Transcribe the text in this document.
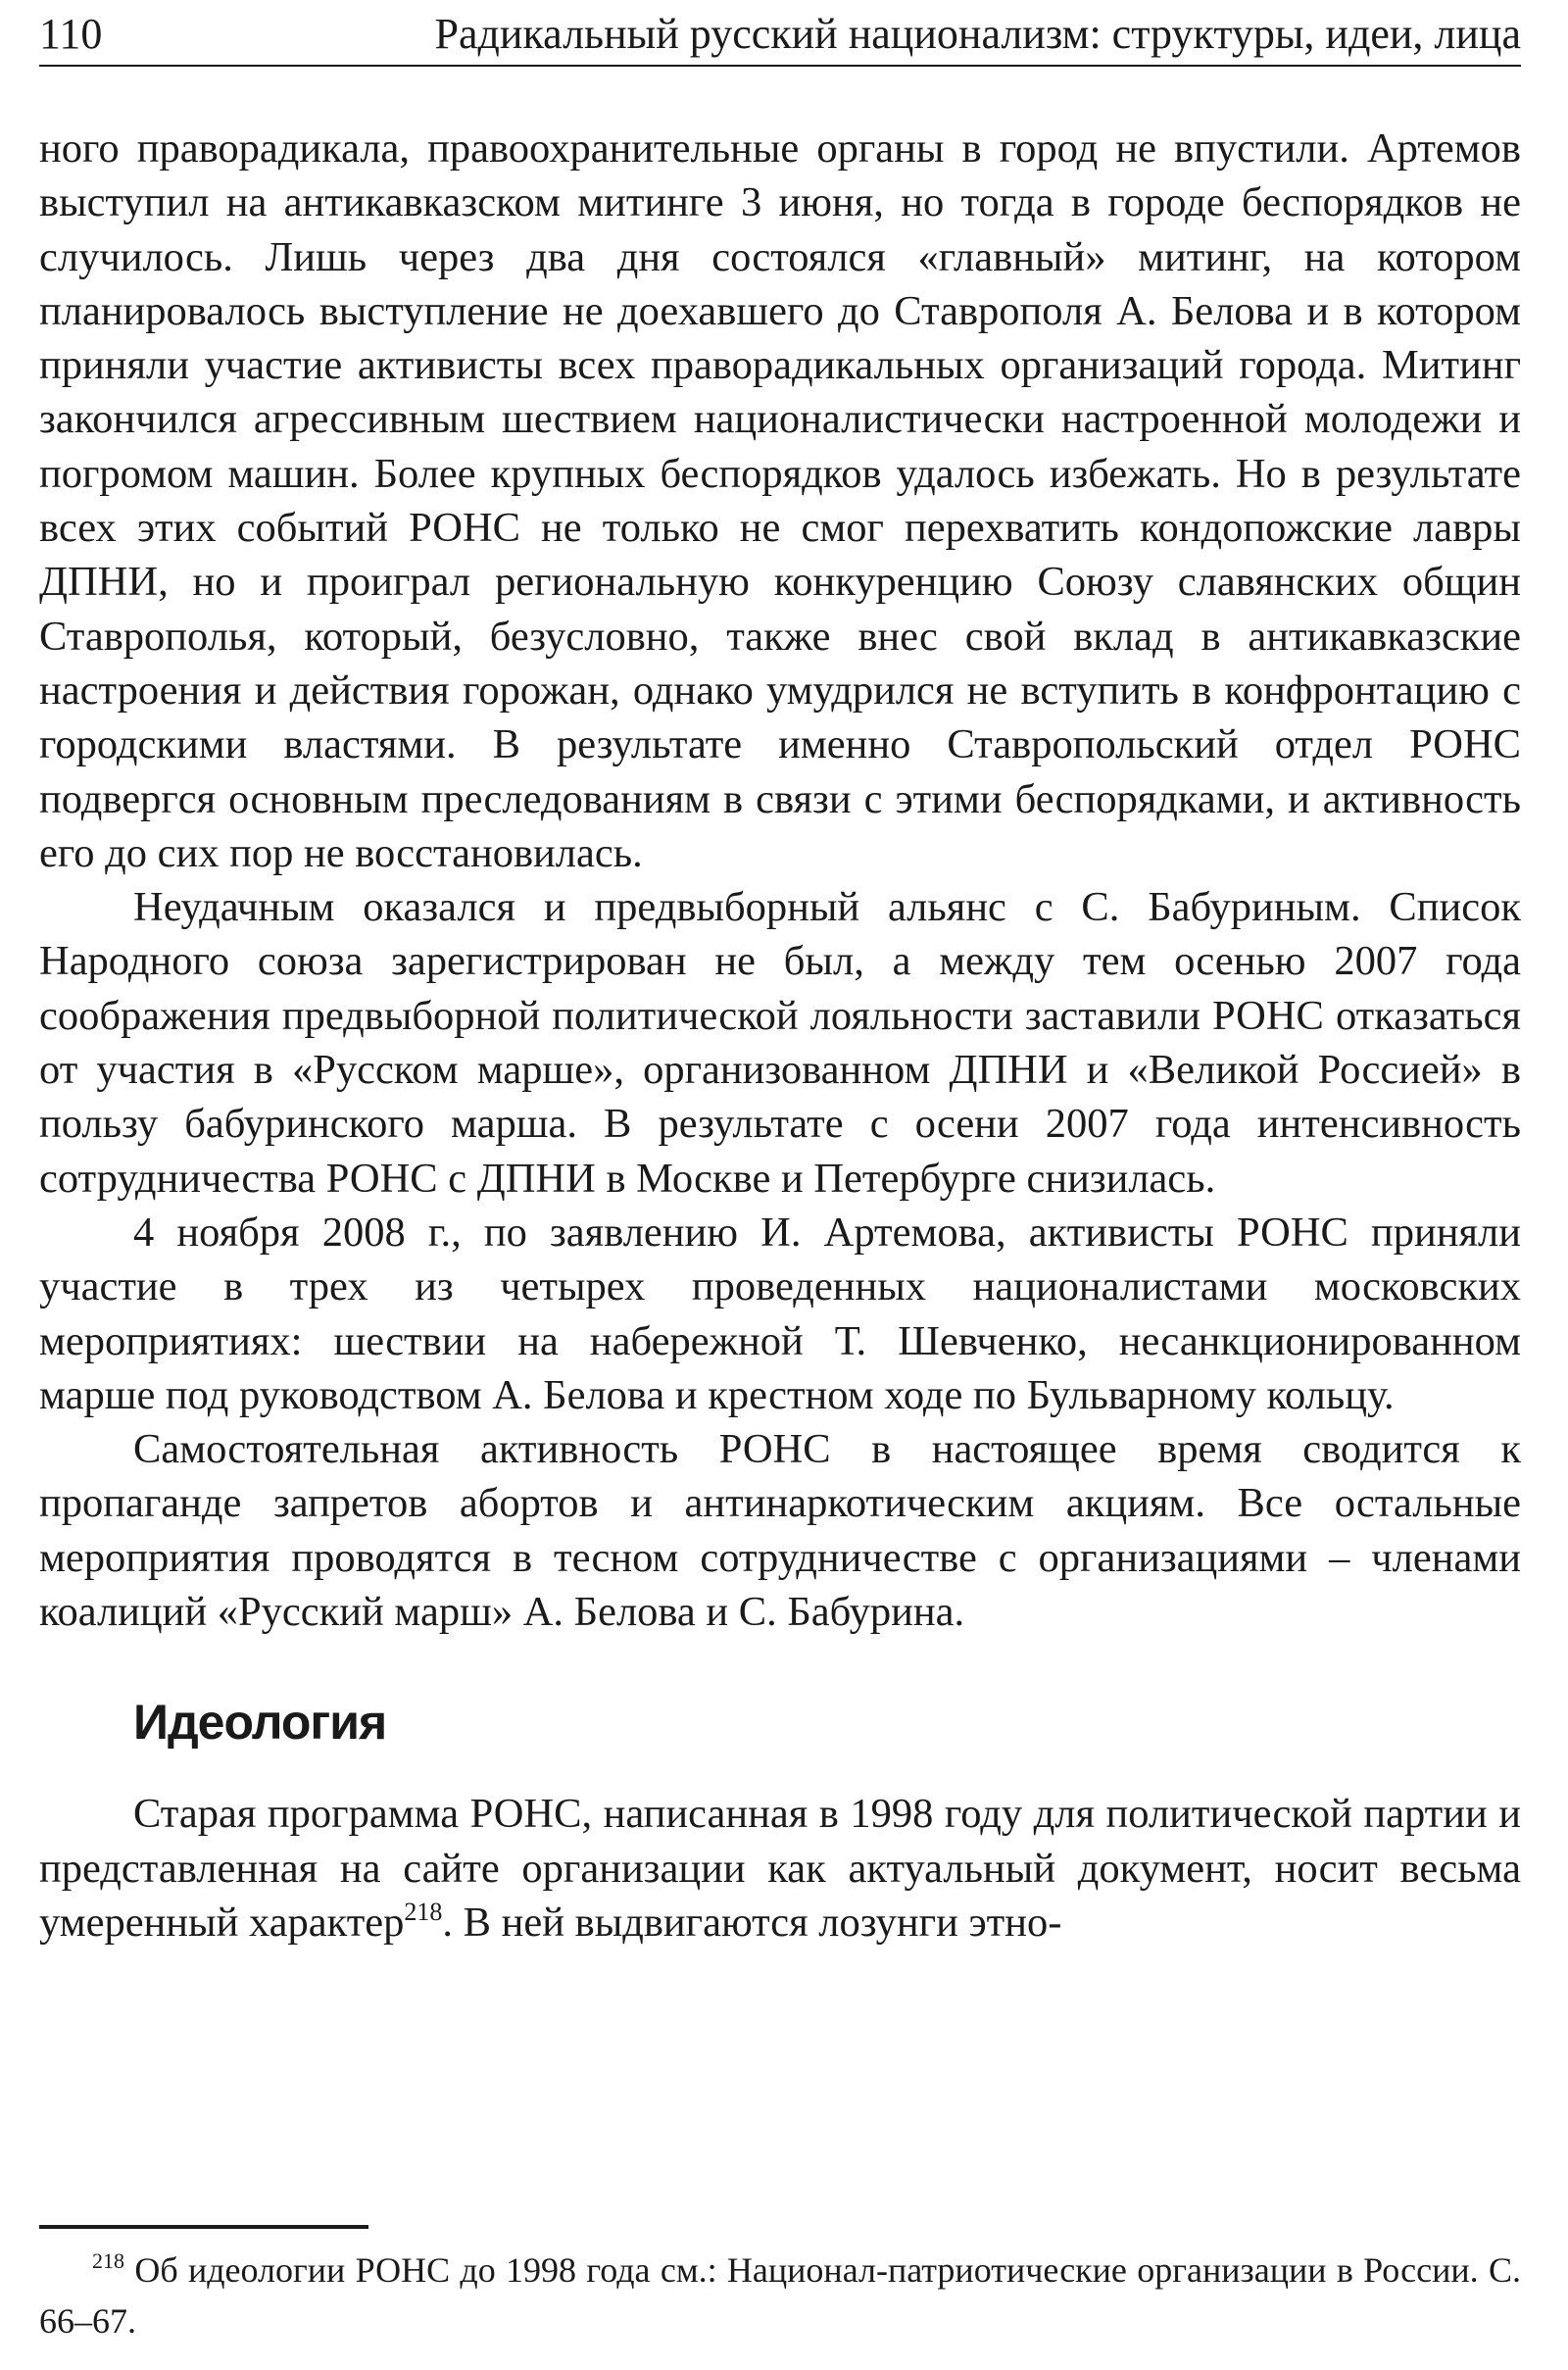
110	Радикальный русский национализм: структуры, идеи, лица

ного праворадикала, правоохранительные органы в город не впустили. Артемов выступил на антикавказском митинге 3 июня, но тогда в городе беспорядков не случилось. Лишь через два дня состоялся «главный» митинг, на котором планировалось выступление не доехавшего до Ставрополя А. Белова и в котором приняли участие активисты всех праворадикальных организаций города. Митинг закончился агрессивным шествием националистически настроенной молодежи и погромом машин. Более крупных беспорядков удалось избежать. Но в результате всех этих событий РОНС не только не смог перехватить кондопожские лавры ДПНИ, но и проиграл региональную конкуренцию Союзу славянских общин Ставрополья, который, безусловно, также внес свой вклад в антикавказские настроения и действия горожан, однако умудрился не вступить в конфронтацию с городскими властями. В результате именно Ставропольский отдел РОНС подвергся основным преследованиям в связи с этими беспорядками, и активность его до сих пор не восстановилась.

Неудачным оказался и предвыборный альянс с С. Бабуриным. Список Народного союза зарегистрирован не был, а между тем осенью 2007 года соображения предвыборной политической лояльности заставили РОНС отказаться от участия в «Русском марше», организованном ДПНИ и «Великой Россией» в пользу бабуринского марша. В результате с осени 2007 года интенсивность сотрудничества РОНС с ДПНИ в Москве и Петербурге снизилась.

4 ноября 2008 г., по заявлению И. Артемова, активисты РОНС приняли участие в трех из четырех проведенных националистами московских мероприятиях: шествии на набережной Т. Шевченко, несанкционированном марше под руководством А. Белова и крестном ходе по Бульварному кольцу.

Самостоятельная активность РОНС в настоящее время сводится к пропаганде запретов абортов и антинаркотическим акциям. Все остальные мероприятия проводятся в тесном сотрудничестве с организациями – членами коалиций «Русский марш» А. Белова и С. Бабурина.

Идеология

Старая программа РОНС, написанная в 1998 году для политической партии и представленная на сайте организации как актуальный документ, носит весьма умеренный характер$^{218}$. В ней выдвигаются лозунги этно-

$^{218}$ Об идеологии РОНС до 1998 года см.: Национал-патриотические организации в России. С. 66–67.
